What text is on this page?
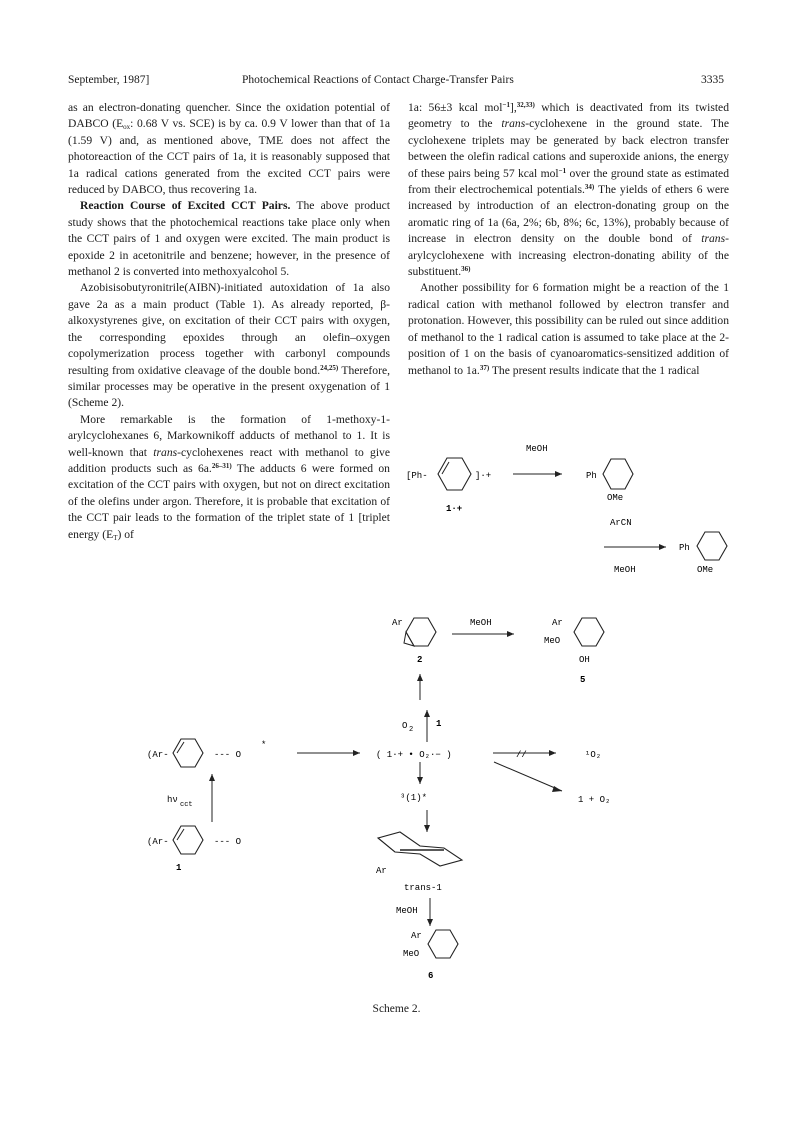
September, 1987]	Photochemical Reactions of Contact Charge-Transfer Pairs	3335

as an electron-donating quencher. Since the oxidation potential of DABCO ($E_{ox}$: 0.68 V vs. SCE) is by ca. 0.9 V lower than that of 1a (1.59 V) and, as mentioned above, TME does not affect the photoreaction of the CCT pairs of 1a, it is reasonably supposed that 1a radical cations generated from the excited CCT pairs were reduced by DABCO, thus recovering 1a.

Reaction Course of Excited CCT Pairs. The above product study shows that the photochemical reactions take place only when the CCT pairs of 1 and oxygen were excited. The main product is epoxide 2 in acetonitrile and benzene; however, in the presence of methanol 2 is converted into methoxyalcohol 5.

Azobisisobutyronitrile(AIBN)-initiated autoxidation of 1a also gave 2a as a main product (Table 1). As already reported, β-alkoxystyrenes give, on excitation of their CCT pairs with oxygen, the corresponding epoxides through an olefin–oxygen copolymerization process together with carbonyl compounds resulting from oxidative cleavage of the double bond.$^{24,25)}$ Therefore, similar processes may be operative in the present oxygenation of 1 (Scheme 2).

More remarkable is the formation of 1-methoxy-1-arylcyclohexanes 6, Markownikoff adducts of methanol to 1. It is well-known that trans-cyclohexenes react with methanol to give addition products such as 6a.$^{26-31)}$ The adducts 6 were formed on excitation of the CCT pairs with oxygen, but not on direct excitation of the olefins under argon. Therefore, it is probable that excitation of the CCT pair leads to the formation of the triplet state of 1 [triplet energy $(E_T)$ of

1a: 56±3 kcal mol$^{-1}$],$^{32,33)}$ which is deactivated from its twisted geometry to the trans-cyclohexene in the ground state. The cyclohexene triplets may be generated by back electron transfer between the olefin radical cations and superoxide anions, the energy of these pairs being 57 kcal mol$^{-1}$ over the ground state as estimated from their electrochemical potentials.$^{34)}$ The yields of ethers 6 were increased by introduction of an electron-donating group on the aromatic ring of 1a (6a, 2%; 6b, 8%; 6c, 13%), probably because of increase in electron density on the double bond of trans-arylcyclohexene with increasing electron-donating ability of the substituent.$^{36)}$

Another possibility for 6 formation might be a reaction of the 1 radical cation with methanol followed by electron transfer and protonation. However, this possibility can be ruled out since addition of methanol to the 1 radical cation is assumed to take place at the 2-position of 1 on the basis of cyanoaromatics-sensitized addition of methanol to 1a.$^{37)}$ The present results indicate that the 1 radical

MeOH
[Ph-	]·+
1·+
Ph
OMe
ArCN
MeOH
Ph
OMe
Ar
2
MeOH	Ar
MeO
OH
5
O 2
1
(Ar-	--- O
*
( 1·+ • O₂·− )	//	¹O₂
1 + O₂
hν cct
(Ar-	--- O
1
³(1)*
Ar
trans-1
MeOH
Ar
MeO
6
Scheme 2.
